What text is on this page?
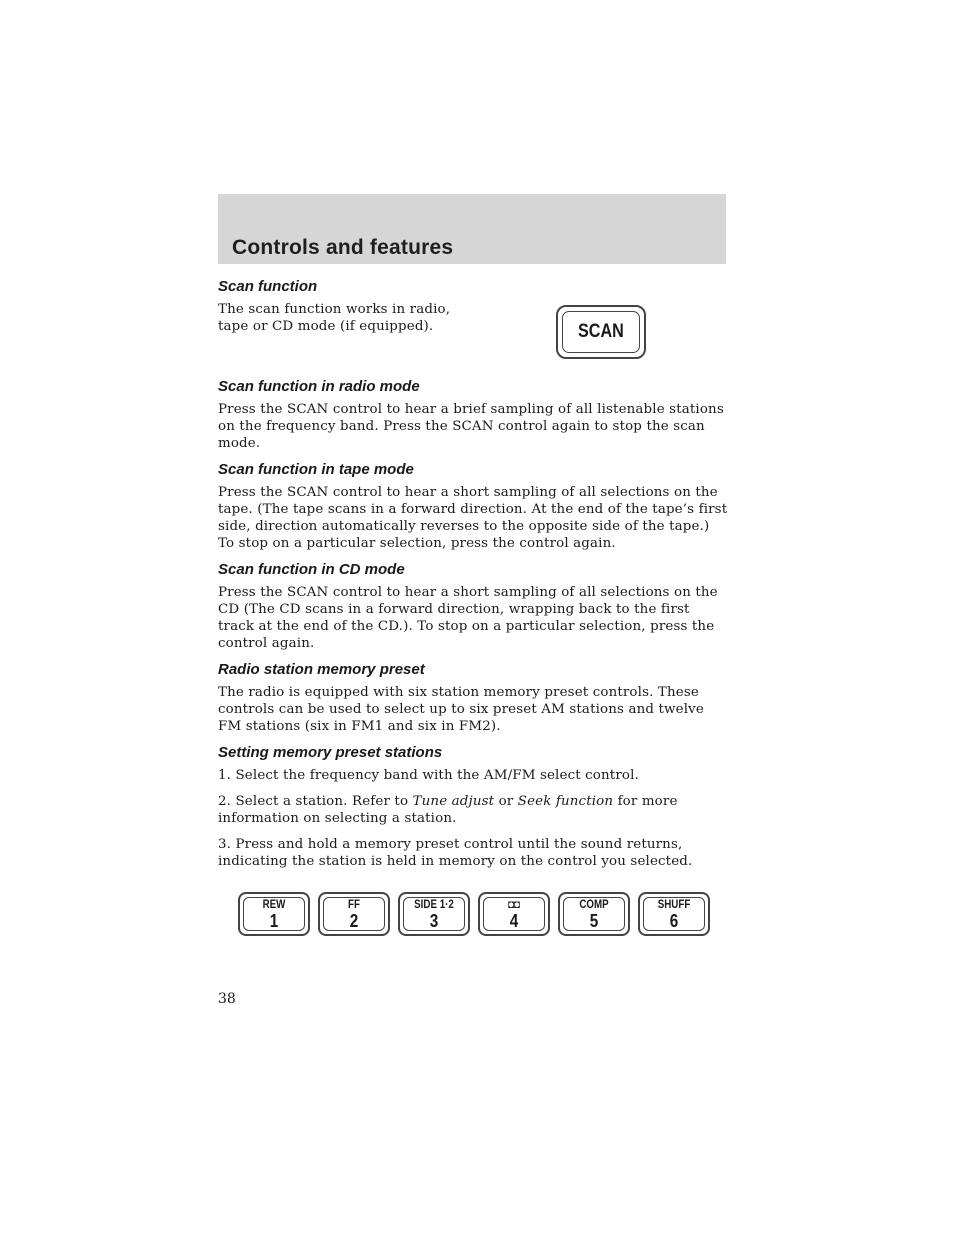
Controls and features
Scan function

The scan function works in radio, tape or CD mode (if equipped).	SCAN
Scan function in radio mode

Press the SCAN control to hear a brief sampling of all listenable stations on the frequency band. Press the SCAN control again to stop the scan mode.

Scan function in tape mode

Press the SCAN control to hear a short sampling of all selections on the tape. (The tape scans in a forward direction. At the end of the tape’s first side, direction automatically reverses to the opposite side of the tape.) To stop on a particular selection, press the control again.

Scan function in CD mode

Press the SCAN control to hear a short sampling of all selections on the CD (The CD scans in a forward direction, wrapping back to the first track at the end of the CD.). To stop on a particular selection, press the control again.

Radio station memory preset

The radio is equipped with six station memory preset controls. These controls can be used to select up to six preset AM stations and twelve FM stations (six in FM1 and six in FM2).

Setting memory preset stations

1. Select the frequency band with the AM/FM select control.

2. Select a station. Refer to Tune adjust or Seek function for more information on selecting a station.

3. Press and hold a memory preset control until the sound returns, indicating the station is held in memory on the control you selected.

REW
1
FF
2
SIDE 1·2
3
◘◘
4
COMP
5
SHUFF
6
38
